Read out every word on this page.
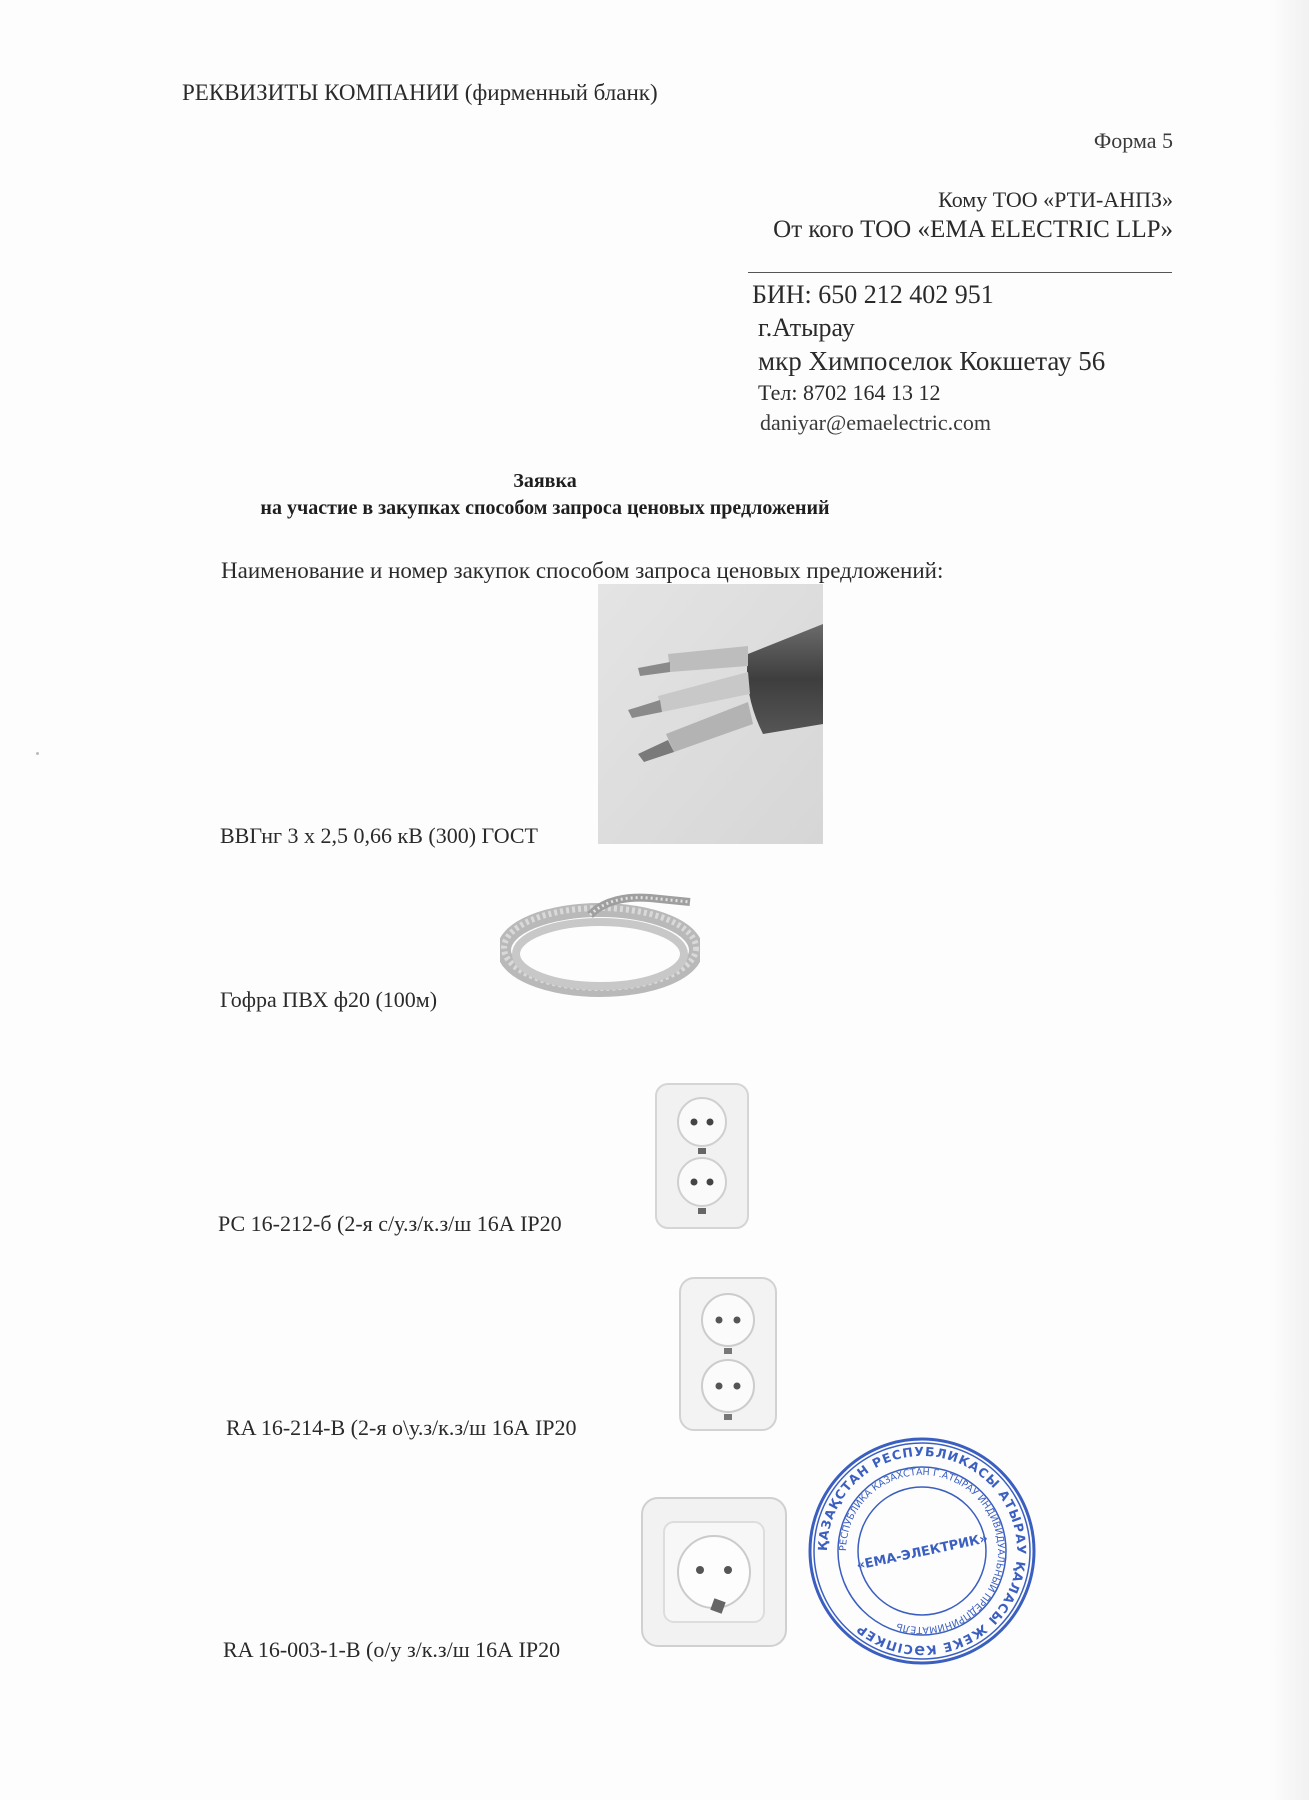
РЕКВИЗИТЫ КОМПАНИИ (фирменный бланк)
Форма 5
Кому ТОО «РТИ-АНПЗ»
От кого ТОО «EMA ELECTRIC LLP»
БИН: 650 212 402 951
г.Атырау
мкр Химпоселок Кокшетау 56
Тел: 8702 164 13 12
daniyar@emaelectric.com
Заявка
на участие в закупках способом запроса ценовых предложений
Наименование и номер закупок способом запроса ценовых предложений:
ВВГнг 3 х 2,5 0,66 кВ (300) ГОСТ
Гофра ПВХ ф20 (100м)
РС 16-212-б (2-я с/у.з/к.з/ш 16А IP20
RA 16-214-В (2-я о\у.з/к.з/ш 16А IP20
RA 16-003-1-В (о/у з/к.з/ш 16А IP20
ҚАЗАҚСТАН РЕСПУБЛИКАСЫ АТЫРАУ ҚАЛАСЫ ЖЕКЕ КӘСІПКЕР
РЕСПУБЛИКА КАЗАХСТАН Г.АТЫРАУ ИНДИВИДУАЛЬНЫЙ ПРЕДПРИНИМАТЕЛЬ
«ЕМА-ЭЛЕКТРИК»
